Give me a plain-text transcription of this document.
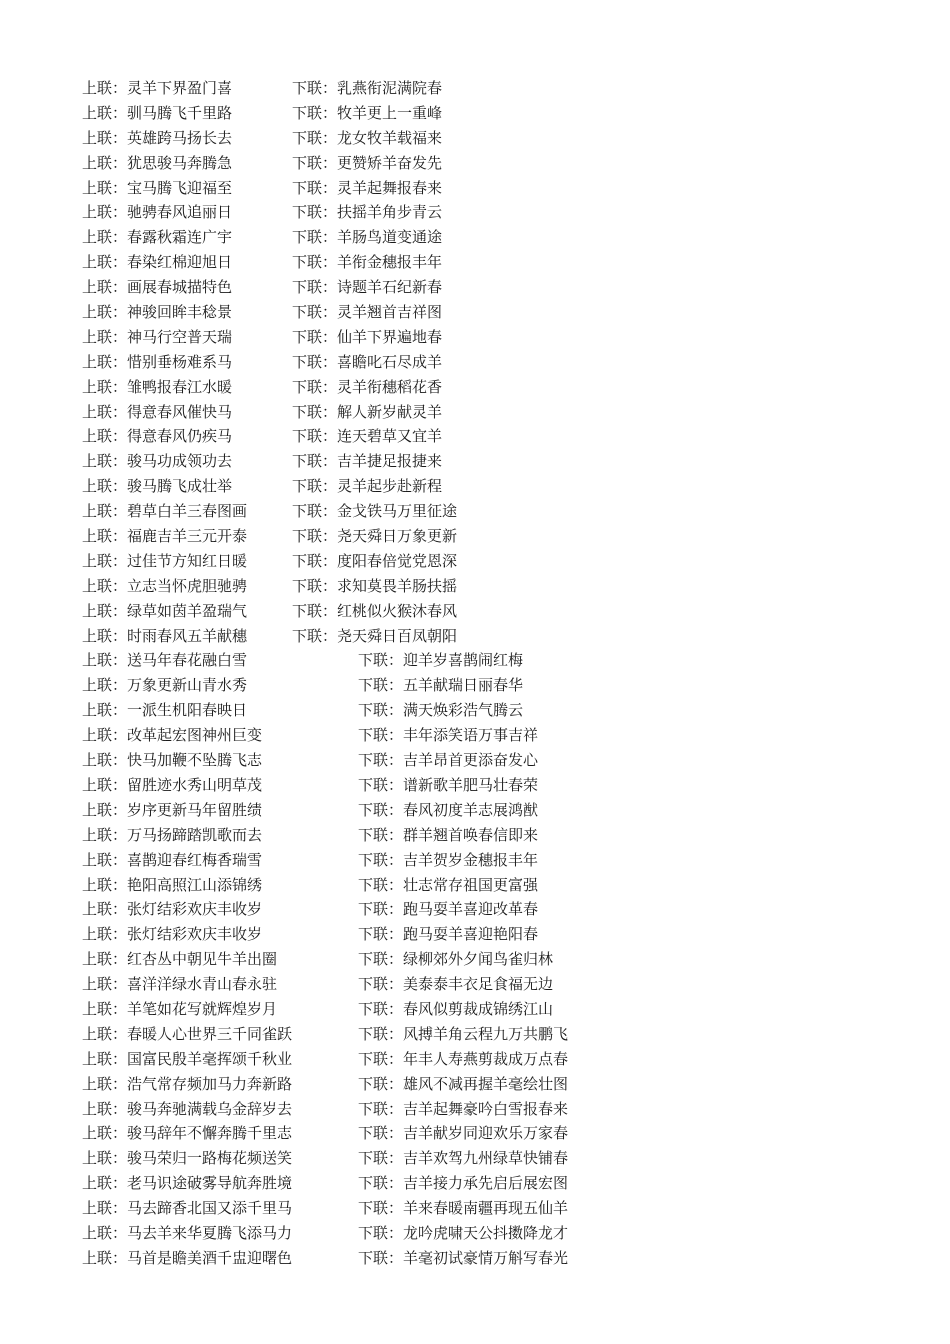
上联：灵羊下界盈门喜	下联：乳燕衔泥满院春
上联：驯马腾飞千里路	下联：牧羊更上一重峰
上联：英雄跨马扬长去	下联：龙女牧羊载福来
上联：犹思骏马奔腾急	下联：更赞矫羊奋发先
上联：宝马腾飞迎福至	下联：灵羊起舞报春来
上联：驰骋春风追丽日	下联：扶摇羊角步青云
上联：春露秋霜连广宇	下联：羊肠鸟道变通途
上联：春染红棉迎旭日	下联：羊衔金穗报丰年
上联：画展春城描特色	下联：诗题羊石纪新春
上联：神骏回眸丰稔景	下联：灵羊翘首吉祥图
上联：神马行空普天瑞	下联：仙羊下界遍地春
上联：惜别垂杨难系马	下联：喜瞻叱石尽成羊
上联：雏鸭报春江水暖	下联：灵羊衔穗稻花香
上联：得意春风催快马	下联：解人新岁献灵羊
上联：得意春风仍疾马	下联：连天碧草又宜羊
上联：骏马功成领功去	下联：吉羊捷足报捷来
上联：骏马腾飞成壮举	下联：灵羊起步赴新程
上联：碧草白羊三春图画	下联：金戈铁马万里征途
上联：福鹿吉羊三元开泰	下联：尧天舜日万象更新
上联：过佳节方知红日暖	下联：度阳春倍觉党恩深
上联：立志当怀虎胆驰骋	下联：求知莫畏羊肠扶摇
上联：绿草如茵羊盈瑞气	下联：红桃似火猴沐春风
上联：时雨春风五羊献穗	下联：尧天舜日百凤朝阳
上联：送马年春花融白雪	下联：迎羊岁喜鹊闹红梅
上联：万象更新山青水秀	下联：五羊献瑞日丽春华
上联：一派生机阳春映日	下联：满天焕彩浩气腾云
上联：改革起宏图神州巨变	下联：丰年添笑语万事吉祥
上联：快马加鞭不坠腾飞志	下联：吉羊昂首更添奋发心
上联：留胜迹水秀山明草茂	下联：谱新歌羊肥马壮春荣
上联：岁序更新马年留胜绩	下联：春风初度羊志展鸿猷
上联：万马扬蹄踏凯歌而去	下联：群羊翘首唤春信即来
上联：喜鹊迎春红梅香瑞雪	下联：吉羊贺岁金穗报丰年
上联：艳阳高照江山添锦绣	下联：壮志常存祖国更富强
上联：张灯结彩欢庆丰收岁	下联：跑马耍羊喜迎改革春
上联：张灯结彩欢庆丰收岁	下联：跑马耍羊喜迎艳阳春
上联：红杏丛中朝见牛羊出圈	下联：绿柳郊外夕闻鸟雀归林
上联：喜洋洋绿水青山春永驻	下联：美泰泰丰衣足食福无边
上联：羊笔如花写就辉煌岁月	下联：春风似剪裁成锦绣江山
上联：春暖人心世界三千同雀跃	下联：风搏羊角云程九万共鹏飞
上联：国富民殷羊毫挥颂千秋业	下联：年丰人寿燕剪裁成万点春
上联：浩气常存频加马力奔新路	下联：雄风不减再握羊毫绘壮图
上联：骏马奔驰满载乌金辞岁去	下联：吉羊起舞豪吟白雪报春来
上联：骏马辞年不懈奔腾千里志	下联：吉羊献岁同迎欢乐万家春
上联：骏马荣归一路梅花频送笑	下联：吉羊欢驾九州绿草快铺春
上联：老马识途破雾导航奔胜境	下联：吉羊接力承先启后展宏图
上联：马去蹄香北国又添千里马	下联：羊来春暖南疆再现五仙羊
上联：马去羊来华夏腾飞添马力	下联：龙吟虎啸天公抖擞降龙才
上联：马首是瞻美酒千盅迎曙色	下联：羊毫初试豪情万斛写春光
